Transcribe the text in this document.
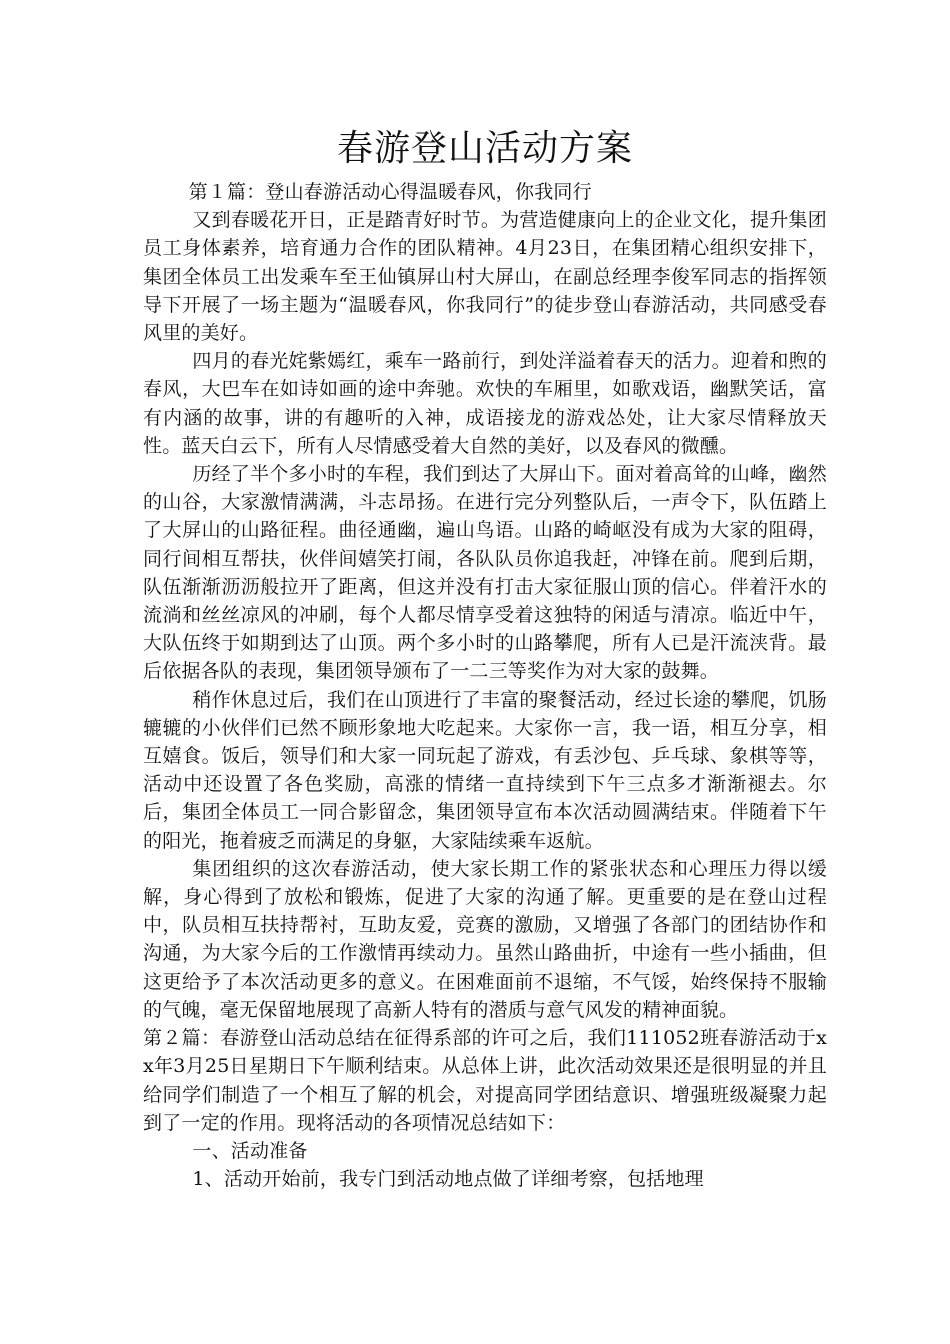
春游登山活动方案

第１篇：登山春游活动心得温暖春风，你我同行

又到春暖花开日，正是踏青好时节。为营造健康向上的企业文化，提升集团员工身体素养，培育通力合作的团队精神。4月23日，在集团精心组织安排下，集团全体员工出发乘车至王仙镇屏山村大屏山，在副总经理李俊军同志的指挥领导下开展了一场主题为“温暖春风，你我同行”的徒步登山春游活动，共同感受春风里的美好。

四月的春光姹紫嫣红，乘车一路前行，到处洋溢着春天的活力。迎着和煦的春风，大巴车在如诗如画的途中奔驰。欢快的车厢里，如歌戏语，幽默笑话，富有内涵的故事，讲的有趣听的入神，成语接龙的游戏怂处，让大家尽情释放天性。蓝天白云下，所有人尽情感受着大自然的美好，以及春风的微醺。

历经了半个多小时的车程，我们到达了大屏山下。面对着高耸的山峰，幽然的山谷，大家激情满满，斗志昂扬。在进行完分列整队后，一声令下，队伍踏上了大屏山的山路征程。曲径通幽，遍山鸟语。山路的崎岖没有成为大家的阻碍，同行间相互帮扶，伙伴间嬉笑打闹，各队队员你追我赶，冲锋在前。爬到后期，队伍渐渐沥沥般拉开了距离，但这并没有打击大家征服山顶的信心。伴着汗水的流淌和丝丝凉风的冲刷，每个人都尽情享受着这独特的闲适与清凉。临近中午，大队伍终于如期到达了山顶。两个多小时的山路攀爬，所有人已是汗流浃背。最后依据各队的表现，集团领导颁布了一二三等奖作为对大家的鼓舞。

稍作休息过后，我们在山顶进行了丰富的聚餐活动，经过长途的攀爬，饥肠辘辘的小伙伴们已然不顾形象地大吃起来。大家你一言，我一语，相互分享，相互嬉食。饭后，领导们和大家一同玩起了游戏，有丢沙包、乒乓球、象棋等等，活动中还设置了各色奖励，高涨的情绪一直持续到下午三点多才渐渐褪去。尔后，集团全体员工一同合影留念，集团领导宣布本次活动圆满结束。伴随着下午的阳光，拖着疲乏而满足的身躯，大家陆续乘车返航。

集团组织的这次春游活动，使大家长期工作的紧张状态和心理压力得以缓解，身心得到了放松和锻炼，促进了大家的沟通了解。更重要的是在登山过程中，队员相互扶持帮衬，互助友爱，竞赛的激励，又增强了各部门的团结协作和沟通，为大家今后的工作激情再续动力。虽然山路曲折，中途有一些小插曲，但这更给予了本次活动更多的意义。在困难面前不退缩，不气馁，始终保持不服输的气魄，毫无保留地展现了高新人特有的潜质与意气风发的精神面貌。

第２篇：春游登山活动总结在征得系部的许可之后，我们111052班春游活动于xx年3月25日星期日下午顺利结束。从总体上讲，此次活动效果还是很明显的并且给同学们制造了一个相互了解的机会，对提高同学团结意识、增强班级凝聚力起到了一定的作用。现将活动的各项情况总结如下：

一、活动准备

1、活动开始前，我专门到活动地点做了详细考察，包括地理
